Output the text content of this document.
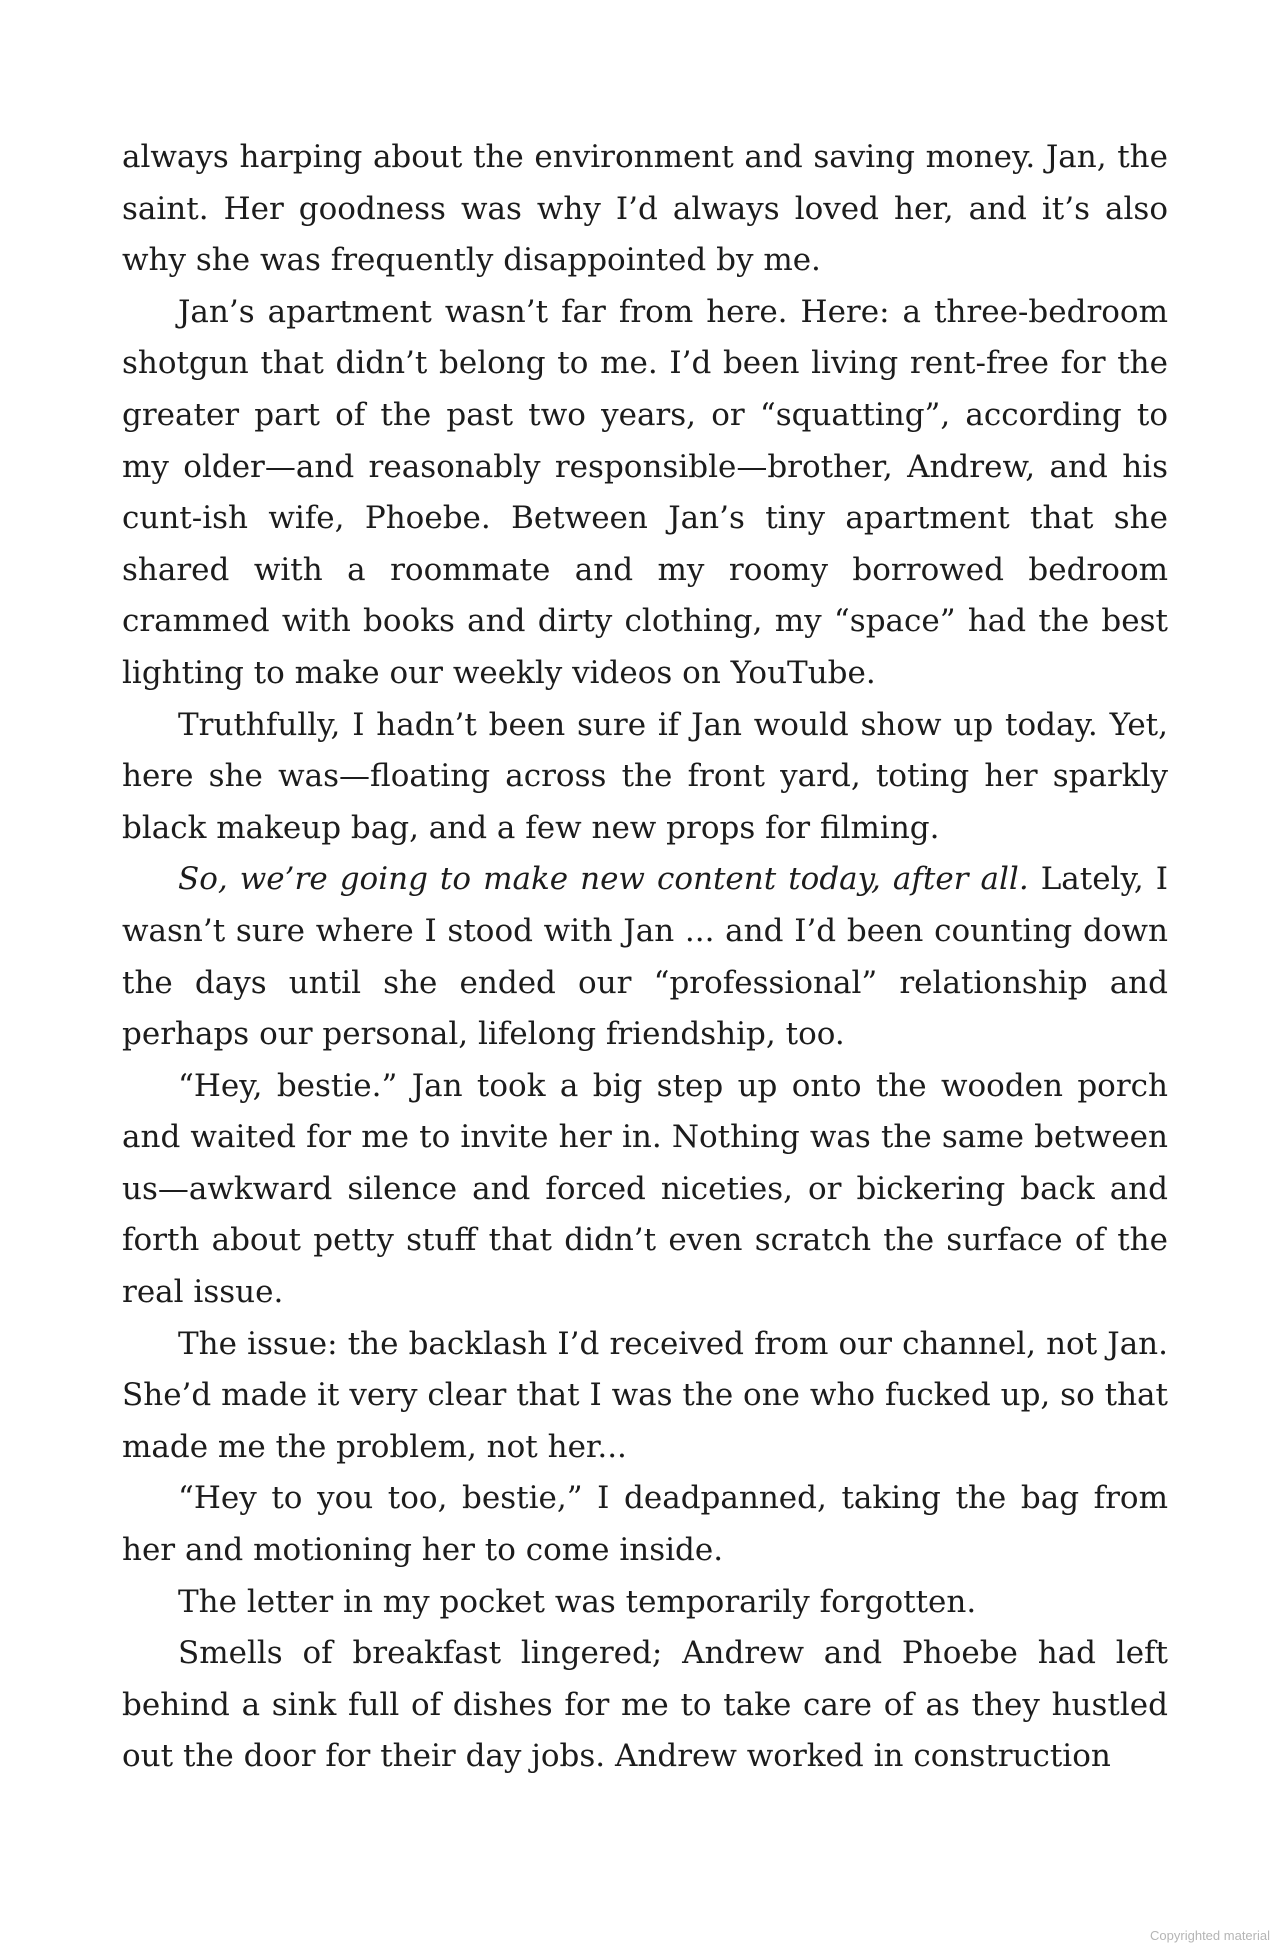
always harping about the environment and saving money. Jan, the saint. Her goodness was why I’d always loved her, and it’s also why she was frequently disappointed by me.

Jan’s apartment wasn’t far from here. Here: a three-bedroom shotgun that didn’t belong to me. I’d been living rent-free for the greater part of the past two years, or “squatting”, according to my older—and reasonably responsible—brother, Andrew, and his cunt-ish wife, Phoebe. Between Jan’s tiny apartment that she shared with a roommate and my roomy borrowed bedroom crammed with books and dirty clothing, my “space” had the best lighting to make our weekly videos on YouTube.

Truthfully, I hadn’t been sure if Jan would show up today. Yet, here she was—floating across the front yard, toting her sparkly black makeup bag, and a few new props for filming.

So, we’re going to make new content today, after all. Lately, I wasn’t sure where I stood with Jan ... and I’d been counting down the days until she ended our “professional” relationship and perhaps our personal, lifelong friendship, too.

“Hey, bestie.” Jan took a big step up onto the wooden porch and waited for me to invite her in. Nothing was the same between us—awkward silence and forced niceties, or bickering back and forth about petty stuff that didn’t even scratch the surface of the real issue.

The issue: the backlash I’d received from our channel, not Jan. She’d made it very clear that I was the one who fucked up, so that made me the problem, not her...

“Hey to you too, bestie,” I deadpanned, taking the bag from her and motioning her to come inside.

The letter in my pocket was temporarily forgotten.

Smells of breakfast lingered; Andrew and Phoebe had left behind a sink full of dishes for me to take care of as they hustled out the door for their day jobs. Andrew worked in construction

Copyrighted material
